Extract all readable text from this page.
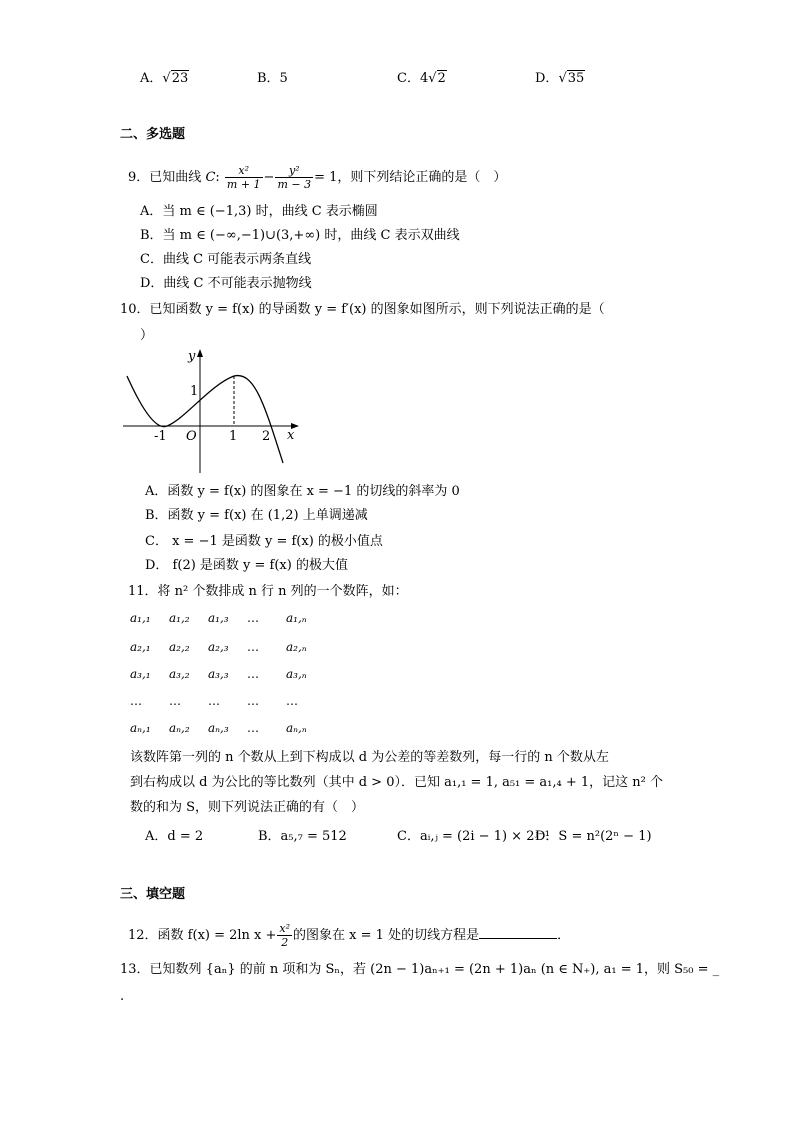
A．√23	B．5	C．4√2	D．√35
二、多选题
9．已知曲线 C: $\frac{\text{x²}}{m + 1} - \frac{\text{y²}}{m - 3} = 1$，则下列结论正确的是（　）
A．当 m ∈ (−1,3) 时，曲线 C 表示椭圆
B．当 m ∈ (−∞,−1)∪(3,+∞) 时，曲线 C 表示双曲线
C．曲线 C 可能表示两条直线
D．曲线 C 不可能表示抛物线
10．已知函数 y = f(x) 的导函数 y = f′(x) 的图象如图所示，则下列说法正确的是（
）
y
x
O
-1	1 2
1
A．函数 y = f(x) 的图象在 x = −1 的切线的斜率为 0
B．函数 y = f(x) 在 (1,2) 上单调递减
C． x = −1 是函数 y = f(x) 的极小值点
D． f(2) 是函数 y = f(x) 的极大值
11．将 n² 个数排成 n 行 n 列的一个数阵，如：
a₁,₁ a₁,₂ a₁,₃ … a₁,ₙ
a₂,₁ a₂,₂ a₂,₃ … a₂,ₙ
a₃,₁ a₃,₂ a₃,₃ … a₃,ₙ
… … … … …
aₙ,₁ aₙ,₂ aₙ,₃ … aₙ,ₙ
该数阵第一列的 n 个数从上到下构成以 d 为公差的等差数列，每一行的 n 个数从左
到右构成以 d 为公比的等比数列（其中 d > 0）．已知 a₁,₁ = 1, a₅₁ = a₁,₄ + 1，记这 n² 个
数的和为 S，则下列说法正确的有（　）
A．d = 2	B．a₅,₇ = 512	C．aᵢ,ⱼ = (2i − 1) × 2ʲ⁻¹
D．S = n²(2ⁿ − 1)
三、填空题
12．函数 f(x) = 2ln $x + \frac{\text{x²}}{2}$ 的图象在 x = 1 处的切线方程是	．
13．已知数列 {aₙ} 的前 n 项和为 Sₙ，若 (2n − 1)aₙ₊₁ = (2n + 1)aₙ (n ∈ N₊), a₁ = 1，则 S₅₀ = _
.
